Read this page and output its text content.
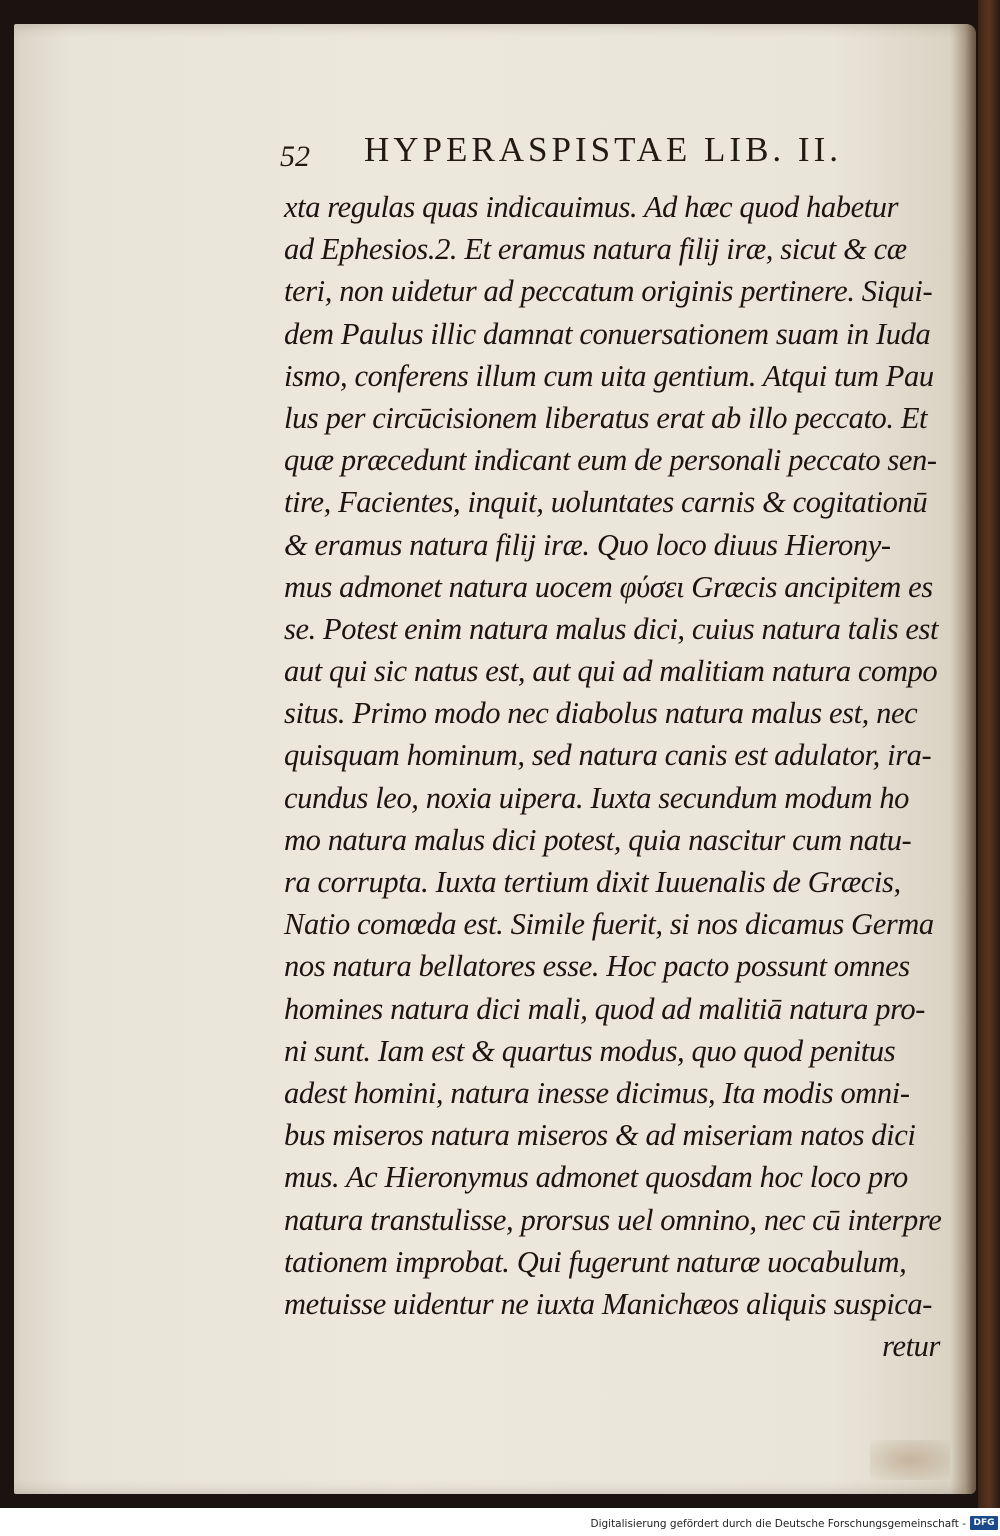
52 HYPERASPISTAE LIB. II.
xta regulas quas indicauimus. Ad hæc quod habetur
ad Ephesios.2. Et eramus natura filij iræ, sicut & cæ
teri, non uidetur ad peccatum originis pertinere. Siqui-
dem Paulus illic damnat conuersationem suam in Iuda
ismo, conferens illum cum uita gentium. Atqui tum Pau
lus per circūcisionem liberatus erat ab illo peccato. Et
quæ præcedunt indicant eum de personali peccato sen-
tire, Facientes, inquit, uoluntates carnis & cogitationū
& eramus natura filij iræ. Quo loco diuus Hierony-
mus admonet natura uocem φύσει Græcis ancipitem es
se. Potest enim natura malus dici, cuius natura talis est
aut qui sic natus est, aut qui ad malitiam natura compo
situs. Primo modo nec diabolus natura malus est, nec
quisquam hominum, sed natura canis est adulator, ira-
cundus leo, noxia uipera. Iuxta secundum modum ho
mo natura malus dici potest, quia nascitur cum natu-
ra corrupta. Iuxta tertium dixit Iuuenalis de Græcis,
Natio comœda est. Simile fuerit, si nos dicamus Germa
nos natura bellatores esse. Hoc pacto possunt omnes
homines natura dici mali, quod ad malitiā natura pro-
ni sunt. Iam est & quartus modus, quo quod penitus
adest homini, natura inesse dicimus, Ita modis omni-
bus miseros natura miseros & ad miseriam natos dici
mus. Ac Hieronymus admonet quosdam hoc loco pro
natura transtulisse, prorsus uel omnino, nec cū interpre
tationem improbat. Qui fugerunt naturæ uocabulum,
metuisse uidentur ne iuxta Manichæos aliquis suspica-
retur
Digitalisierung gefördert durch die Deutsche Forschungsgemeinschaft - DFG
